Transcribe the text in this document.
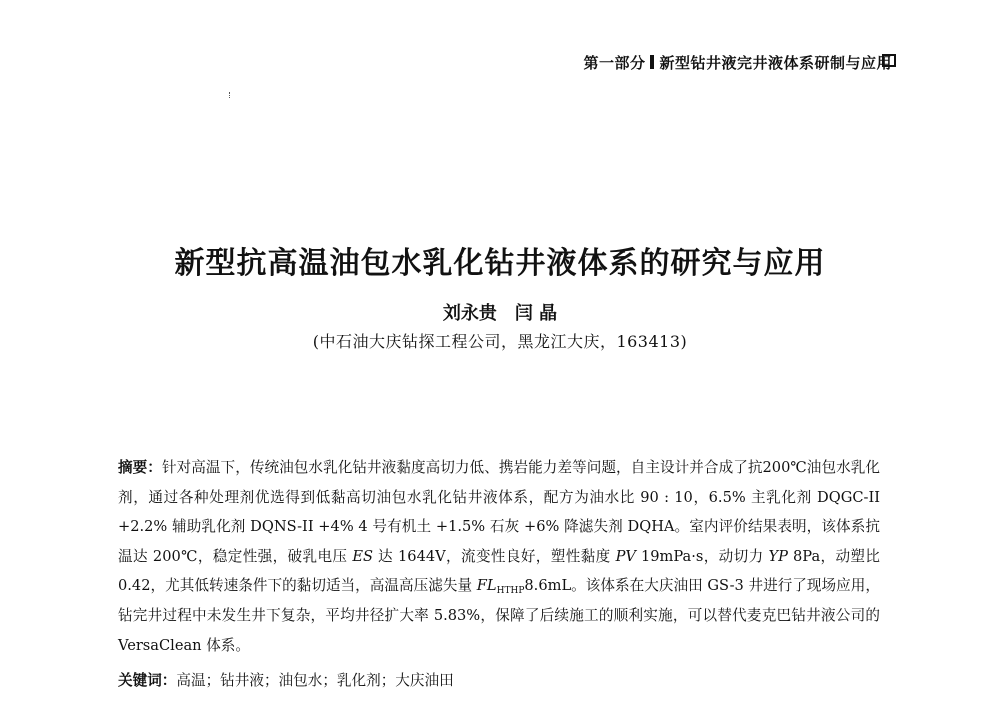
第一部分 新型钻井液完井液体系研制与应用
新型抗高温油包水乳化钻井液体系的研究与应用
刘永贵　闫 晶
(中石油大庆钻探工程公司，黑龙江大庆，163413)
摘要：针对高温下，传统油包水乳化钻井液黏度高切力低、携岩能力差等问题，自主设计并合成了抗200℃油包水乳化剂，通过各种处理剂优选得到低黏高切油包水乳化钻井液体系，配方为油水比 90 : 10，6.5% 主乳化剂 DQGC-II +2.2% 辅助乳化剂 DQNS-II +4% 4 号有机土 +1.5% 石灰 +6% 降滤失剂 DQHA。室内评价结果表明，该体系抗温达 200℃，稳定性强，破乳电压 ES 达 1644V，流变性良好，塑性黏度 PV 19mPa·s，动切力 YP 8Pa，动塑比 0.42，尤其低转速条件下的黏切适当，高温高压滤失量 $FL_{HTHP}8.6mL$。该体系在大庆油田 GS-3 井进行了现场应用，钻完井过程中未发生井下复杂，平均井径扩大率 5.83%，保障了后续施工的顺利实施，可以替代麦克巴钻井液公司的 VersaClean 体系。
关键词：高温；钻井液；油包水；乳化剂；大庆油田
